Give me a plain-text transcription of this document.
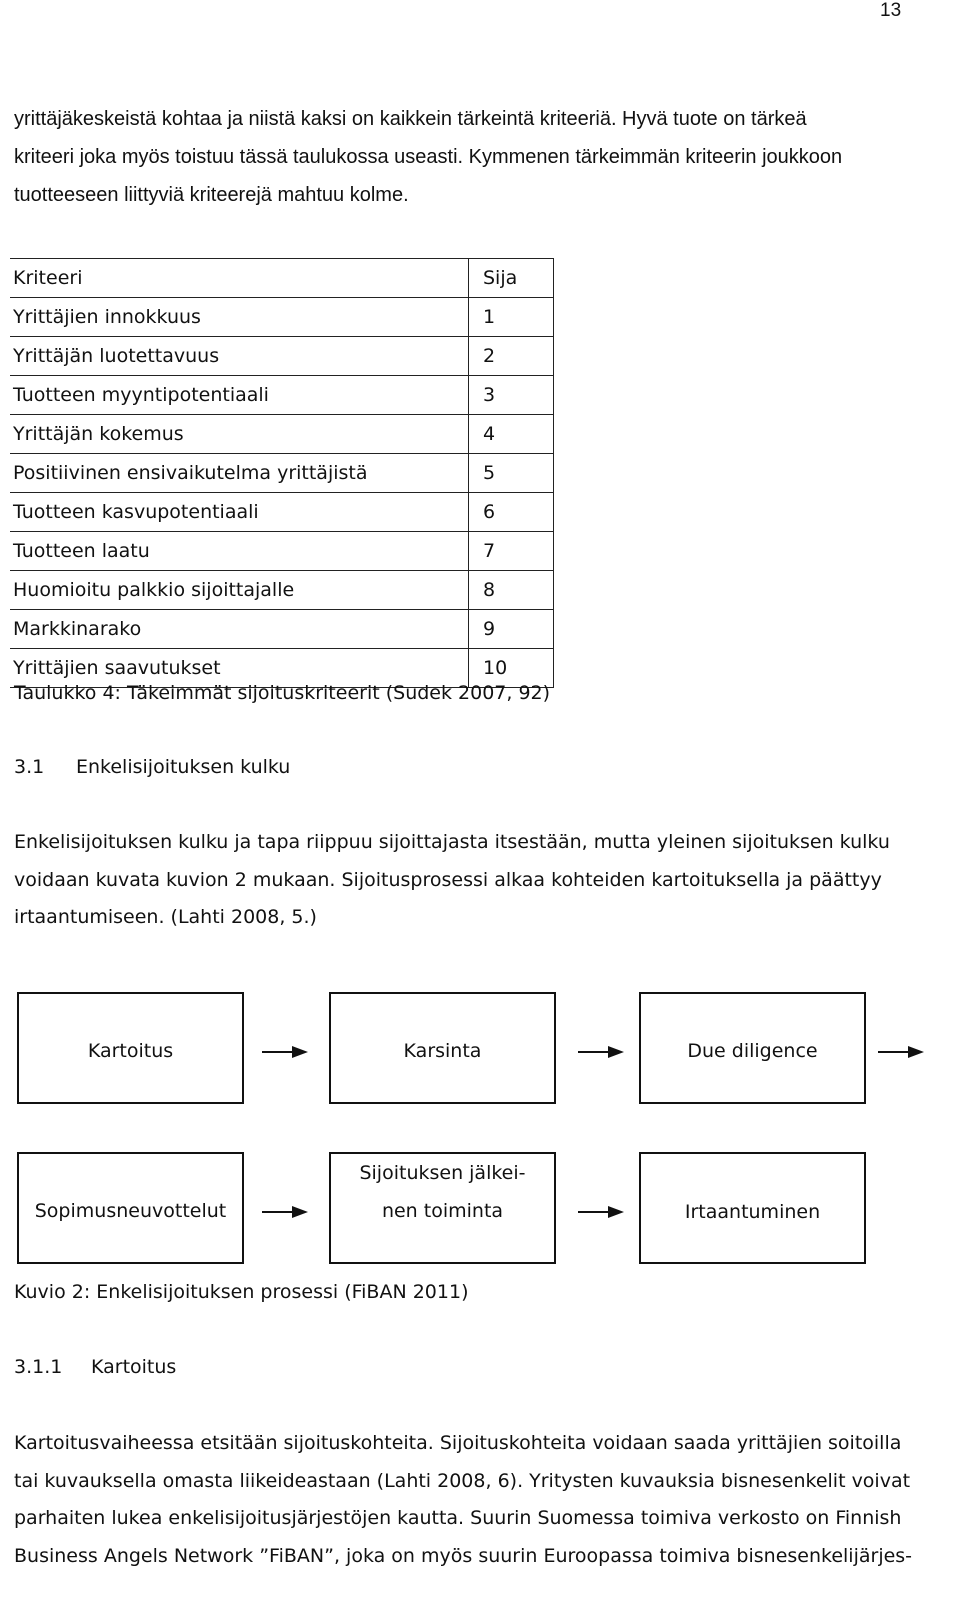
13
yrittäjäkeskeistä kohtaa ja niistä kaksi on kaikkein tärkeintä kriteeriä. Hyvä tuote on tärkeä
kriteeri joka myös toistuu tässä taulukossa useasti. Kymmenen tärkeimmän kriteerin joukkoon
tuotteeseen liittyviä kriteerejä mahtuu kolme.
Kriteeri	Sija
Yrittäjien innokkuus	1
Yrittäjän luotettavuus	2
Tuotteen myyntipotentiaali	3
Yrittäjän kokemus	4
Positiivinen ensivaikutelma yrittäjistä	5
Tuotteen kasvupotentiaali	6
Tuotteen laatu	7
Huomioitu palkkio sijoittajalle	8
Markkinarako	9
Yrittäjien saavutukset	10
Taulukko 4: Täkeimmät sijoituskriteerit (Sudek 2007, 92)
3.1 Enkelisijoituksen kulku
Enkelisijoituksen kulku ja tapa riippuu sijoittajasta itsestään, mutta yleinen sijoituksen kulku
voidaan kuvata kuvion 2 mukaan. Sijoitusprosessi alkaa kohteiden kartoituksella ja päättyy
irtaantumiseen. (Lahti 2008, 5.)
Kartoitus	Karsinta	Due diligence
Sopimusneuvottelut
Sijoituksen jälkei-
nen toiminta	Irtaantuminen
Kuvio 2: Enkelisijoituksen prosessi (FiBAN 2011)
3.1.1 Kartoitus
Kartoitusvaiheessa etsitään sijoituskohteita. Sijoituskohteita voidaan saada yrittäjien soitoilla
tai kuvauksella omasta liikeideastaan (Lahti 2008, 6). Yritysten kuvauksia bisnesenkelit voivat
parhaiten lukea enkelisijoitusjärjestöjen kautta. Suurin Suomessa toimiva verkosto on Finnish
Business Angels Network ”FiBAN”, joka on myös suurin Euroopassa toimiva bisnesenkelijärjes-
